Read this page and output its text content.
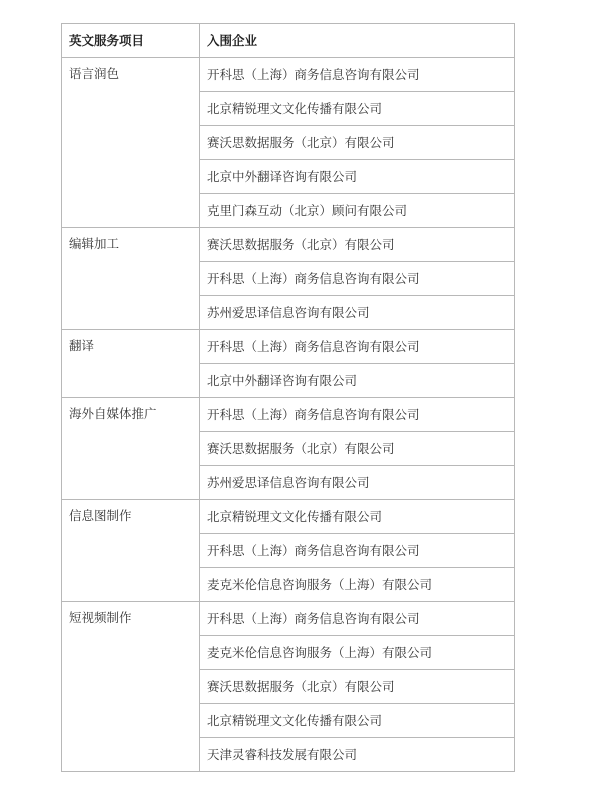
英文服务项目	入围企业
语言润色	开科思（上海）商务信息咨询有限公司
	北京精锐理文文化传播有限公司
	赛沃思数据服务（北京）有限公司
	北京中外翻译咨询有限公司
	克里门森互动（北京）顾问有限公司
编辑加工	赛沃思数据服务（北京）有限公司
	开科思（上海）商务信息咨询有限公司
	苏州爱思译信息咨询有限公司
翻译	开科思（上海）商务信息咨询有限公司
	北京中外翻译咨询有限公司
海外自媒体推广	开科思（上海）商务信息咨询有限公司
	赛沃思数据服务（北京）有限公司
	苏州爱思译信息咨询有限公司
信息图制作	北京精锐理文文化传播有限公司
	开科思（上海）商务信息咨询有限公司
	麦克米伦信息咨询服务（上海）有限公司
短视频制作	开科思（上海）商务信息咨询有限公司
	麦克米伦信息咨询服务（上海）有限公司
	赛沃思数据服务（北京）有限公司
	北京精锐理文文化传播有限公司
	天津灵睿科技发展有限公司
